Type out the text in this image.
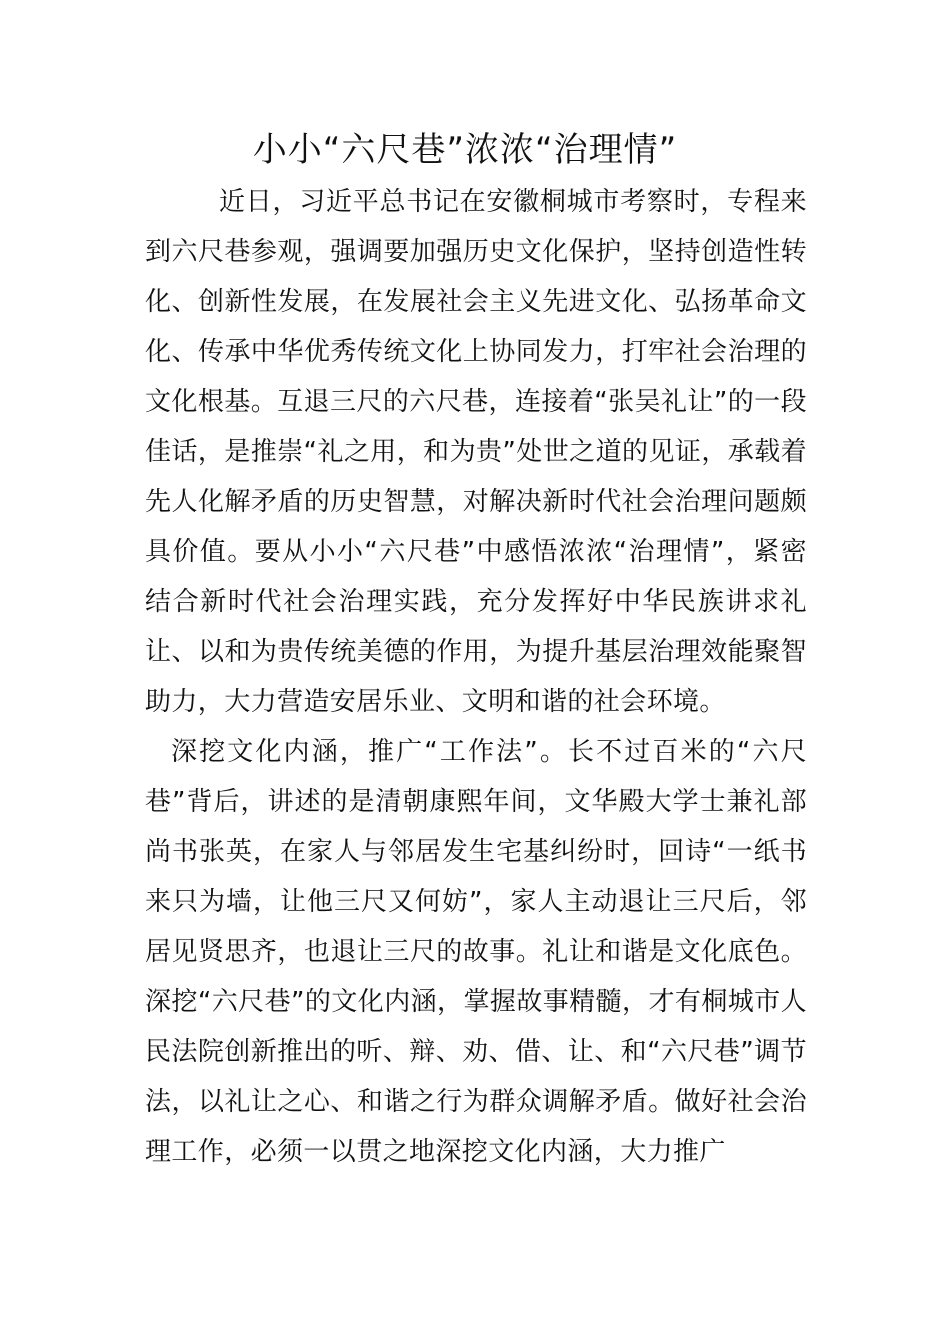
小小“六尺巷”浓浓“治理情”

近日，习近平总书记在安徽桐城市考察时，专程来到六尺巷参观，强调要加强历史文化保护，坚持创造性转化、创新性发展，在发展社会主义先进文化、弘扬革命文化、传承中华优秀传统文化上协同发力，打牢社会治理的文化根基。互退三尺的六尺巷，连接着“张吴礼让”的一段佳话，是推崇“礼之用，和为贵”处世之道的见证，承载着先人化解矛盾的历史智慧，对解决新时代社会治理问题颇具价值。要从小小“六尺巷”中感悟浓浓“治理情”，紧密结合新时代社会治理实践，充分发挥好中华民族讲求礼让、以和为贵传统美德的作用，为提升基层治理效能聚智助力，大力营造安居乐业、文明和谐的社会环境。

深挖文化内涵，推广“工作法”。长不过百米的“六尺巷”背后，讲述的是清朝康熙年间，文华殿大学士兼礼部尚书张英，在家人与邻居发生宅基纠纷时，回诗“一纸书来只为墙，让他三尺又何妨”，家人主动退让三尺后，邻居见贤思齐，也退让三尺的故事。礼让和谐是文化底色。深挖“六尺巷”的文化内涵，掌握故事精髓，才有桐城市人民法院创新推出的听、辩、劝、借、让、和“六尺巷”调节法，以礼让之心、和谐之行为群众调解矛盾。做好社会治理工作，必须一以贯之地深挖文化内涵，大力推广
